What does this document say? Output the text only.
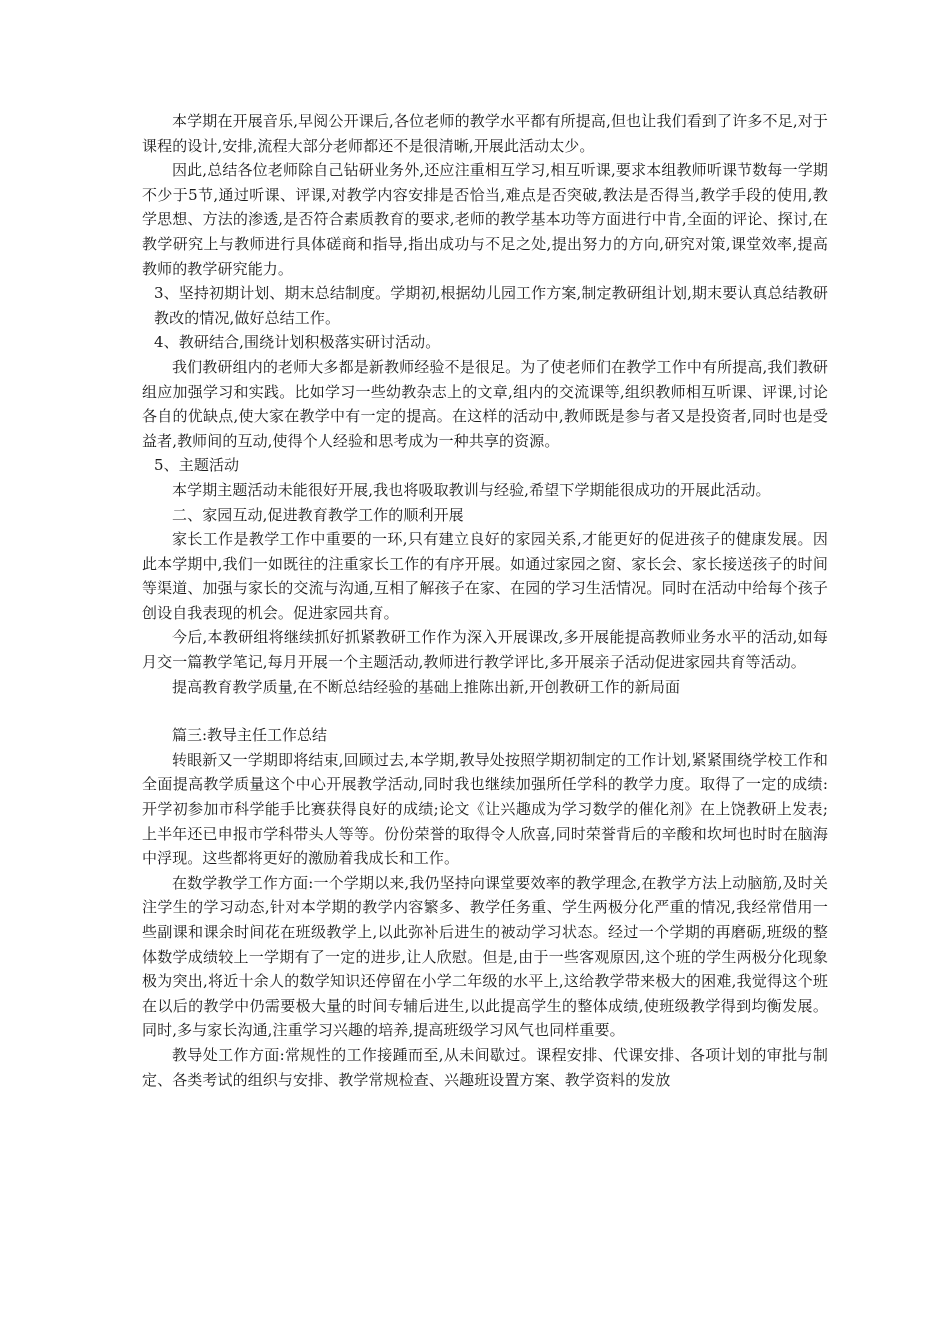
本学期在开展音乐,早阅公开课后,各位老师的教学水平都有所提高,但也让我们看到了许多不足,对于课程的设计,安排,流程大部分老师都还不是很清晰,开展此活动太少。

因此,总结各位老师除自己钻研业务外,还应注重相互学习,相互听课,要求本组教师听课节数每一学期不少于5节,通过听课、评课,对教学内容安排是否恰当,难点是否突破,教法是否得当,教学手段的使用,教学思想、方法的渗透,是否符合素质教育的要求,老师的教学基本功等方面进行中肯,全面的评论、探讨,在教学研究上与教师进行具体磋商和指导,指出成功与不足之处,提出努力的方向,研究对策,课堂效率,提高教师的教学研究能力。

3、坚持初期计划、期末总结制度。学期初,根据幼儿园工作方案,制定教研组计划,期末要认真总结教研教改的情况,做好总结工作。

4、教研结合,围绕计划积极落实研讨活动。

我们教研组内的老师大多都是新教师经验不是很足。为了使老师们在教学工作中有所提高,我们教研组应加强学习和实践。比如学习一些幼教杂志上的文章,组内的交流课等,组织教师相互听课、评课,讨论各自的优缺点,使大家在教学中有一定的提高。在这样的活动中,教师既是参与者又是投资者,同时也是受益者,教师间的互动,使得个人经验和思考成为一种共享的资源。

5、主题活动

本学期主题活动未能很好开展,我也将吸取教训与经验,希望下学期能很成功的开展此活动。

二、家园互动,促进教育教学工作的顺利开展

家长工作是教学工作中重要的一环,只有建立良好的家园关系,才能更好的促进孩子的健康发展。因此本学期中,我们一如既往的注重家长工作的有序开展。如通过家园之窗、家长会、家长接送孩子的时间等渠道、加强与家长的交流与沟通,互相了解孩子在家、在园的学习生活情况。同时在活动中给每个孩子创设自我表现的机会。促进家园共育。

今后,本教研组将继续抓好抓紧教研工作作为深入开展课改,多开展能提高教师业务水平的活动,如每月交一篇教学笔记,每月开展一个主题活动,教师进行教学评比,多开展亲子活动促进家园共育等活动。

提高教育教学质量,在不断总结经验的基础上推陈出新,开创教研工作的新局面

篇三:教导主任工作总结

转眼新又一学期即将结束,回顾过去,本学期,教导处按照学期初制定的工作计划,紧紧围绕学校工作和全面提高教学质量这个中心开展教学活动,同时我也继续加强所任学科的教学力度。取得了一定的成绩:开学初参加市科学能手比赛获得良好的成绩;论文《让兴趣成为学习数学的催化剂》在上饶教研上发表;上半年还已申报市学科带头人等等。份份荣誉的取得令人欣喜,同时荣誉背后的辛酸和坎坷也时时在脑海中浮现。这些都将更好的激励着我成长和工作。

在数学教学工作方面:一个学期以来,我仍坚持向课堂要效率的教学理念,在教学方法上动脑筋,及时关注学生的学习动态,针对本学期的教学内容繁多、教学任务重、学生两极分化严重的情况,我经常借用一些副课和课余时间花在班级教学上,以此弥补后进生的被动学习状态。经过一个学期的再磨砺,班级的整体数学成绩较上一学期有了一定的进步,让人欣慰。但是,由于一些客观原因,这个班的学生两极分化现象极为突出,将近十余人的数学知识还停留在小学二年级的水平上,这给教学带来极大的困难,我觉得这个班在以后的教学中仍需要极大量的时间专辅后进生,以此提高学生的整体成绩,使班级教学得到均衡发展。同时,多与家长沟通,注重学习兴趣的培养,提高班级学习风气也同样重要。

教导处工作方面:常规性的工作接踵而至,从未间歇过。课程安排、代课安排、各项计划的审批与制定、各类考试的组织与安排、教学常规检查、兴趣班设置方案、教学资料的发放
